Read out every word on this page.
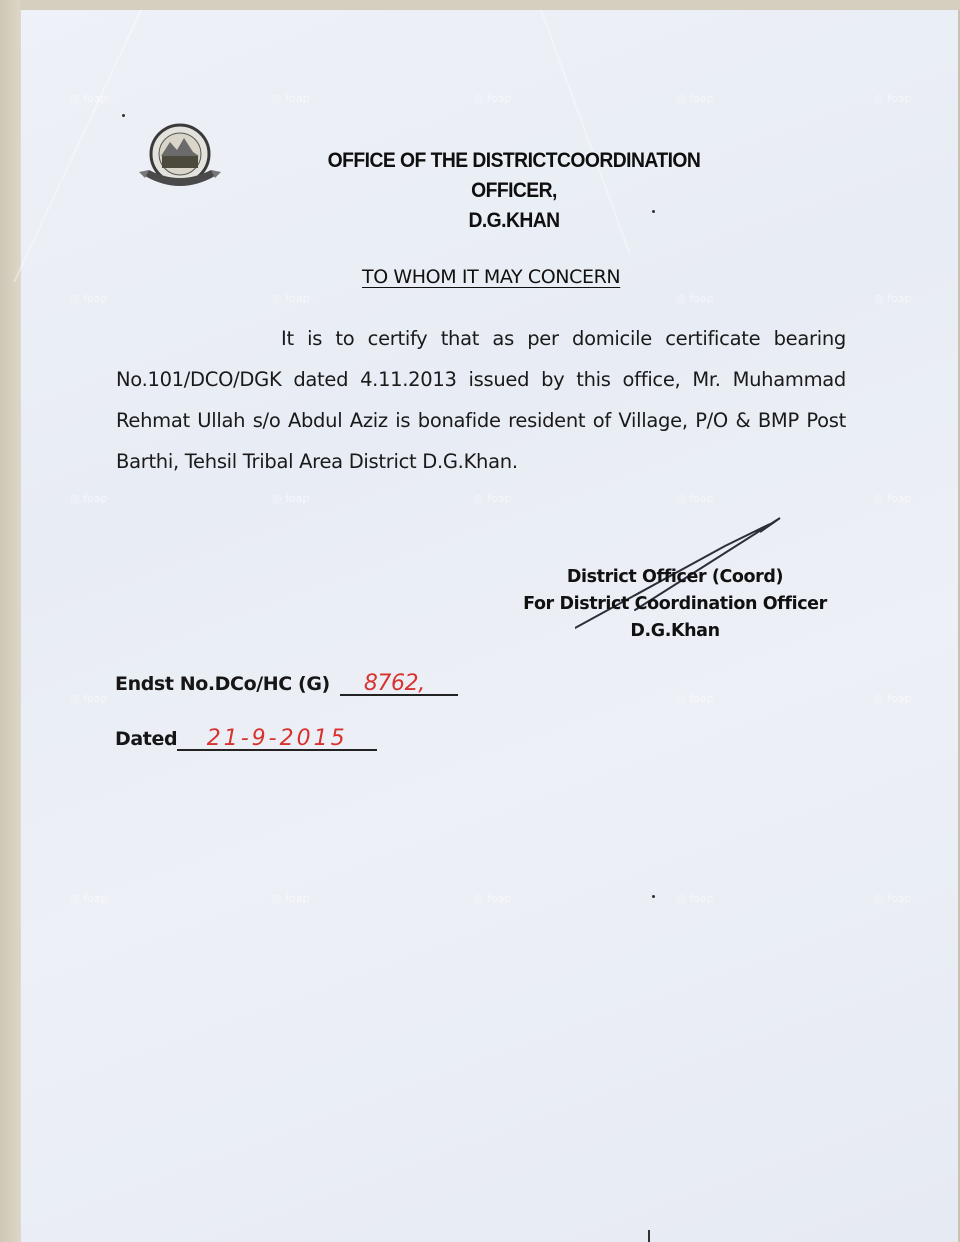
◎ foap	◎ foap	◎ foap	◎ foap	◎ foap
◎ foap	◎ foap	◎ foap	◎ foap
◎ foap	◎ foap	◎ foap	◎ foap	◎ foap
◎ foap	◎ foap	◎ foap
◎ foap	◎ foap	◎ foap	◎ foap	◎ foap
OFFICE OF THE DISTRICTCOORDINATION OFFICER,
D.G.KHAN
TO WHOM IT MAY CONCERN
It is to certify that as per domicile certificate bearing No.101/DCO/DGK dated 4.11.2013 issued by this office, Mr. Muhammad Rehmat Ullah s/o Abdul Aziz is bonafide resident of Village, P/O & BMP Post Barthi, Tehsil Tribal Area District D.G.Khan.
District Officer (Coord)
For District Coordination Officer
D.G.Khan
Endst No.DCo/HC (G) 8762,
Dated 21-9-2015
